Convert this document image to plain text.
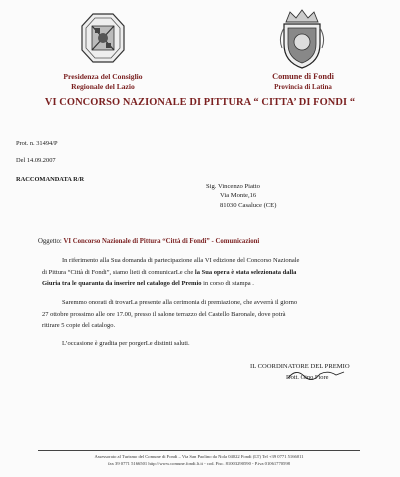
Presidenza del Consiglio
Regionale del Lazio
Comune di Fondi
Provincia di Latina
VI CONCORSO NAZIONALE DI PITTURA “ CITTA’ DI FONDI “
Prot. n. 31494/P
Del 14.09.2007
RACCOMANDATA R/R
Sig. Vincenzo Piatto
Via Monte,16
81030 Casaluce (CE)
Oggetto: VI Concorso Nazionale di Pittura “Città di Fondi” - Comunicazioni
In riferimento alla Sua domanda di partecipazione alla VI edizione del Concorso Nazionale
di Pittura “Città di Fondi”, siamo lieti di comunicarLe che la Sua opera è stata selezionata dalla
Giuria tra le quaranta da inserire nel catalogo del Premio in corso di stampa .
Saremmo onorati di trovarLa presente alla cerimonia di premiazione, che avverrà il giorno
27 ottobre prossimo alle ore 17.00, presso il salone terrazzo del Castello Baronale, dove potrà
ritirare 5 copie del catalogo.
L’occasione è gradita per porgerLe distinti saluti.
IL COORDINATORE DEL PREMIO
Dott. Gino Fiore
Assessorato al Turismo del Comune di Fondi – Via San Paolino da Nola 04022 Fondi (LT) Tel +39 0771 5166011
fax 39 0771 5166501 http://www.comune.fondi.lt.it - cod. Fisc. 81003290590 - P.iva 01061770598
